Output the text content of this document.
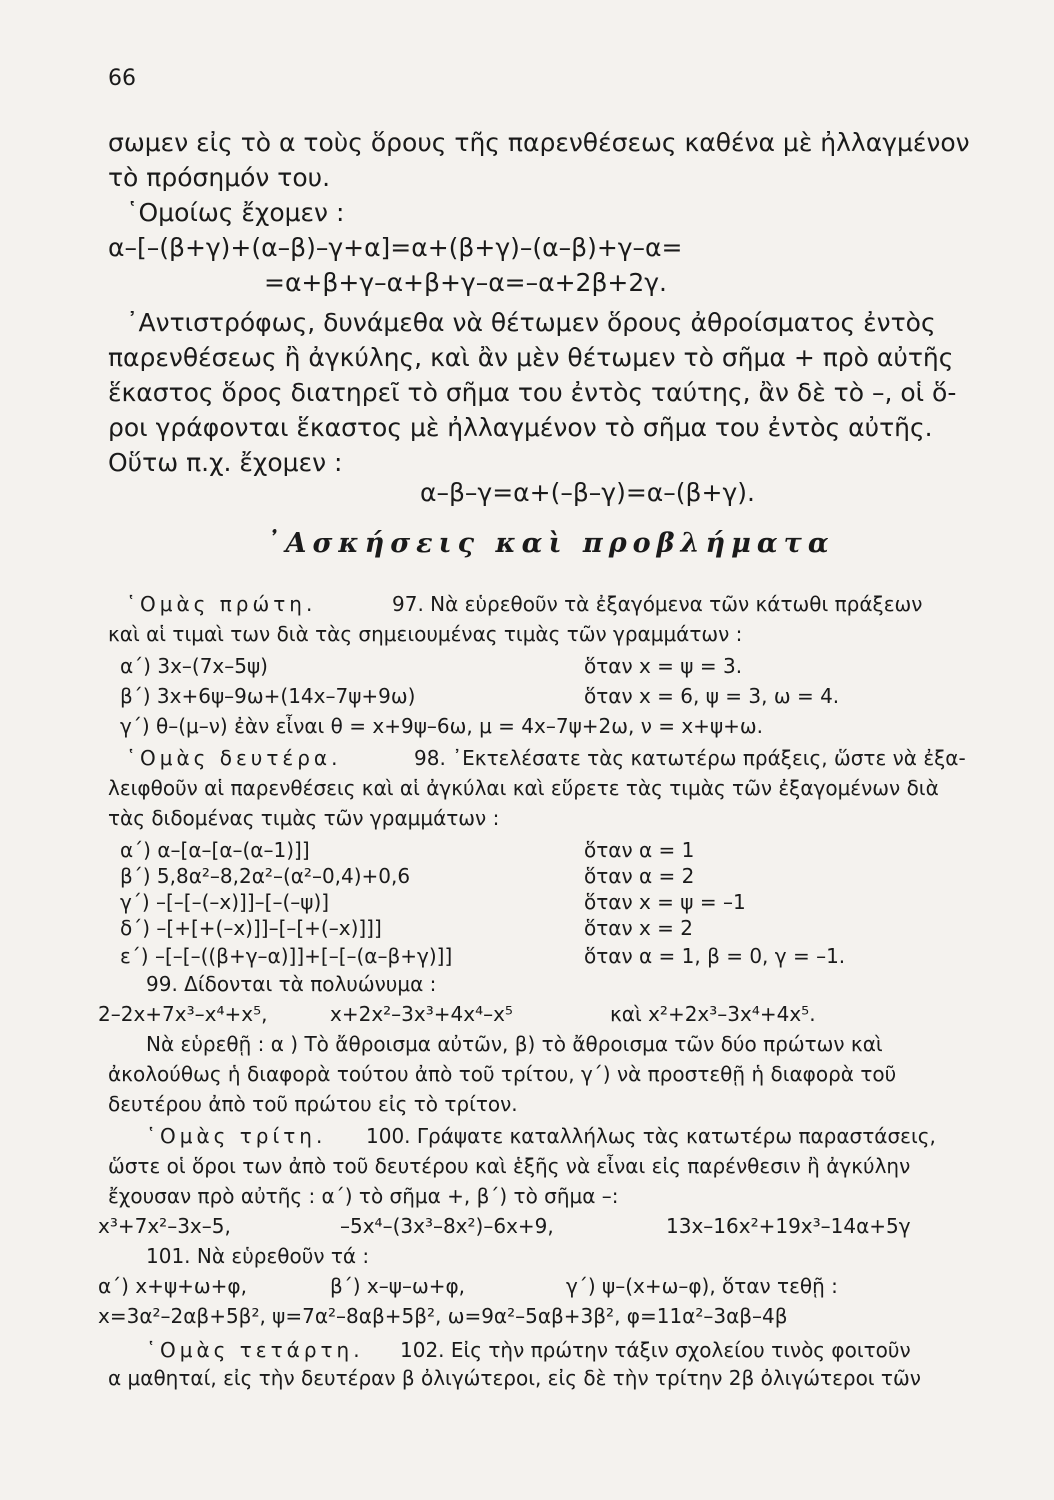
66
σωμεν εἰς τὸ α τοὺς ὅρους τῆς παρενθέσεως καθένα μὲ ἠλλαγμένον
τὸ πρόσημόν του.
῾Ομοίως ἔχομεν :
α–[–(β+γ)+(α–β)–γ+α]=α+(β+γ)–(α–β)+γ–α=
=α+β+γ–α+β+γ–α=–α+2β+2γ.
᾿Αντιστρόφως, δυνάμεθα νὰ θέτωμεν ὅρους ἀθροίσματος ἐντὸς
παρενθέσεως ἢ ἀγκύλης, καὶ ἂν μὲν θέτωμεν τὸ σῆμα + πρὸ αὐτῆς
ἕκαστος ὅρος διατηρεῖ τὸ σῆμα του ἐντὸς ταύτης, ἂν δὲ τὸ –, οἱ ὅ-
ροι γράφονται ἕκαστος μὲ ἠλλαγμένον τὸ σῆμα του ἐντὸς αὐτῆς.
Οὕτω π.χ. ἔχομεν :
α–β–γ=α+(–β–γ)=α–(β+γ).
᾿Ασκήσεις καὶ προβλήματα
῾Ομὰς πρώτη.	97. Νὰ εὑρεθοῦν τὰ ἐξαγόμενα τῶν κάτωθι πράξεων
καὶ αἱ τιμαὶ των διὰ τὰς σημειουμένας τιμὰς τῶν γραμμάτων :
α΄) 3x–(7x–5ψ)	ὅταν x = ψ = 3.
β΄) 3x+6ψ–9ω+(14x–7ψ+9ω)	ὅταν x = 6, ψ = 3, ω = 4.
γ΄) θ–(μ–ν) ἐὰν εἶναι θ = x+9ψ–6ω, μ = 4x–7ψ+2ω, ν = x+ψ+ω.
῾Ομὰς δευτέρα.	98. ᾿Εκτελέσατε τὰς κατωτέρω πράξεις, ὥστε νὰ ἐξα-
λειφθοῦν αἱ παρενθέσεις καὶ αἱ ἀγκύλαι καὶ εὕρετε τὰς τιμὰς τῶν ἐξαγομένων διὰ
τὰς διδομένας τιμὰς τῶν γραμμάτων :
α΄) α–[α–[α–(α–1)]]	ὅταν α = 1
β΄) 5,8α²–8,2α²–(α²–0,4)+0,6	ὅταν α = 2
γ΄) –[–[–(–x)]]–[–(–ψ)]	ὅταν x = ψ = –1
δ΄) –[+[+(–x)]]–[–[+(–x)]]]	ὅταν x = 2
ε΄) –[–[–((β+γ–α)]]+[–[–(α–β+γ)]]	ὅταν α = 1, β = 0, γ = –1.
99. Δίδονται τὰ πολυώνυμα :
2–2x+7x³–x⁴+x⁵,	x+2x²–3x³+4x⁴–x⁵	καὶ x²+2x³–3x⁴+4x⁵.
Νὰ εὑρεθῇ : α ) Τὸ ἄθροισμα αὐτῶν, β) τὸ ἄθροισμα τῶν δύο πρώτων καὶ
ἀκολούθως ἡ διαφορὰ τούτου ἀπὸ τοῦ τρίτου, γ΄) νὰ προστεθῇ ἡ διαφορὰ τοῦ
δευτέρου ἀπὸ τοῦ πρώτου εἰς τὸ τρίτον.
῾Ομὰς τρίτη. 100. Γράψατε καταλλήλως τὰς κατωτέρω παραστάσεις,
ὥστε οἱ ὅροι των ἀπὸ τοῦ δευτέρου καὶ ἑξῆς νὰ εἶναι εἰς παρένθεσιν ἢ ἀγκύλην
ἔχουσαν πρὸ αὐτῆς : α΄) τὸ σῆμα +, β΄) τὸ σῆμα –:
x³+7x²–3x–5,	–5x⁴–(3x³–8x²)–6x+9,	13x–16x²+19x³–14α+5γ
101. Νὰ εὑρεθοῦν τά :
α΄) x+ψ+ω+φ,	β΄) x–ψ–ω+φ,	γ΄) ψ–(x+ω–φ), ὅταν τεθῇ :
x=3α²–2αβ+5β², ψ=7α²–8αβ+5β², ω=9α²–5αβ+3β², φ=11α²–3αβ–4β
῾Ομὰς τετάρτη. 102. Εἰς τὴν πρώτην τάξιν σχολείου τινὸς φοιτοῦν
α μαθηταί, εἰς τὴν δευτέραν β ὀλιγώτεροι, εἰς δὲ τὴν τρίτην 2β ὀλιγώτεροι τῶν
